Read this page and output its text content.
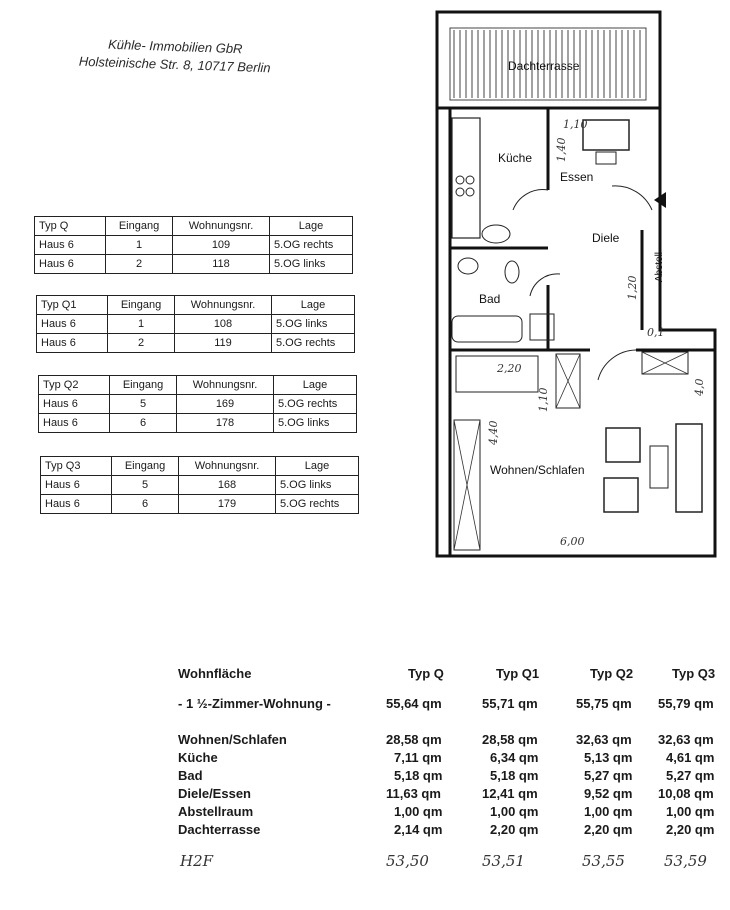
Kühle- Immobilien GbR
Holsteinische Str. 8, 10717 Berlin
Typ Q	Eingang	Wohnungsnr.	Lage
Haus 6	1	109	5.OG rechts
Haus 6	2	118	5.OG links
Typ Q1	Eingang	Wohnungsnr.	Lage
Haus 6	1	108	5.OG links
Haus 6	2	119	5.OG rechts
Typ Q2	Eingang	Wohnungsnr.	Lage
Haus 6	5	169	5.OG rechts
Haus 6	6	178	5.OG links
Typ Q3	Eingang	Wohnungsnr.	Lage
Haus 6	5	168	5.OG links
Haus 6	6	179	5.OG rechts
Dachterrasse
Küche
Essen
Diele
Bad
Wohnen/Schlafen
Abstell
1,10
1,40
1,20
0,1
2,20
4,0
1,10
4,40
6,00
Wohnfläche	Typ Q	Typ Q1	Typ Q2	Typ Q3
- 1 ½-Zimmer-Wohnung -	55,64 qm	55,71 qm	55,75 qm 55,79 qm
Wohnen/Schlafen	28,58 qm	28,58 qm	32,63 qm 32,63 qm
Küche	7,11 qm	6,34 qm	5,13 qm	4,61 qm
Bad	5,18 qm	5,18 qm	5,27 qm	5,27 qm
Diele/Essen	11,63 qm	12,41 qm	9,52 qm 10,08 qm
Abstellraum	1,00 qm	1,00 qm	1,00 qm	1,00 qm
Dachterrasse	2,14 qm	2,20 qm	2,20 qm	2,20 qm
H2F	53,50	53,51	53,55	53,59
